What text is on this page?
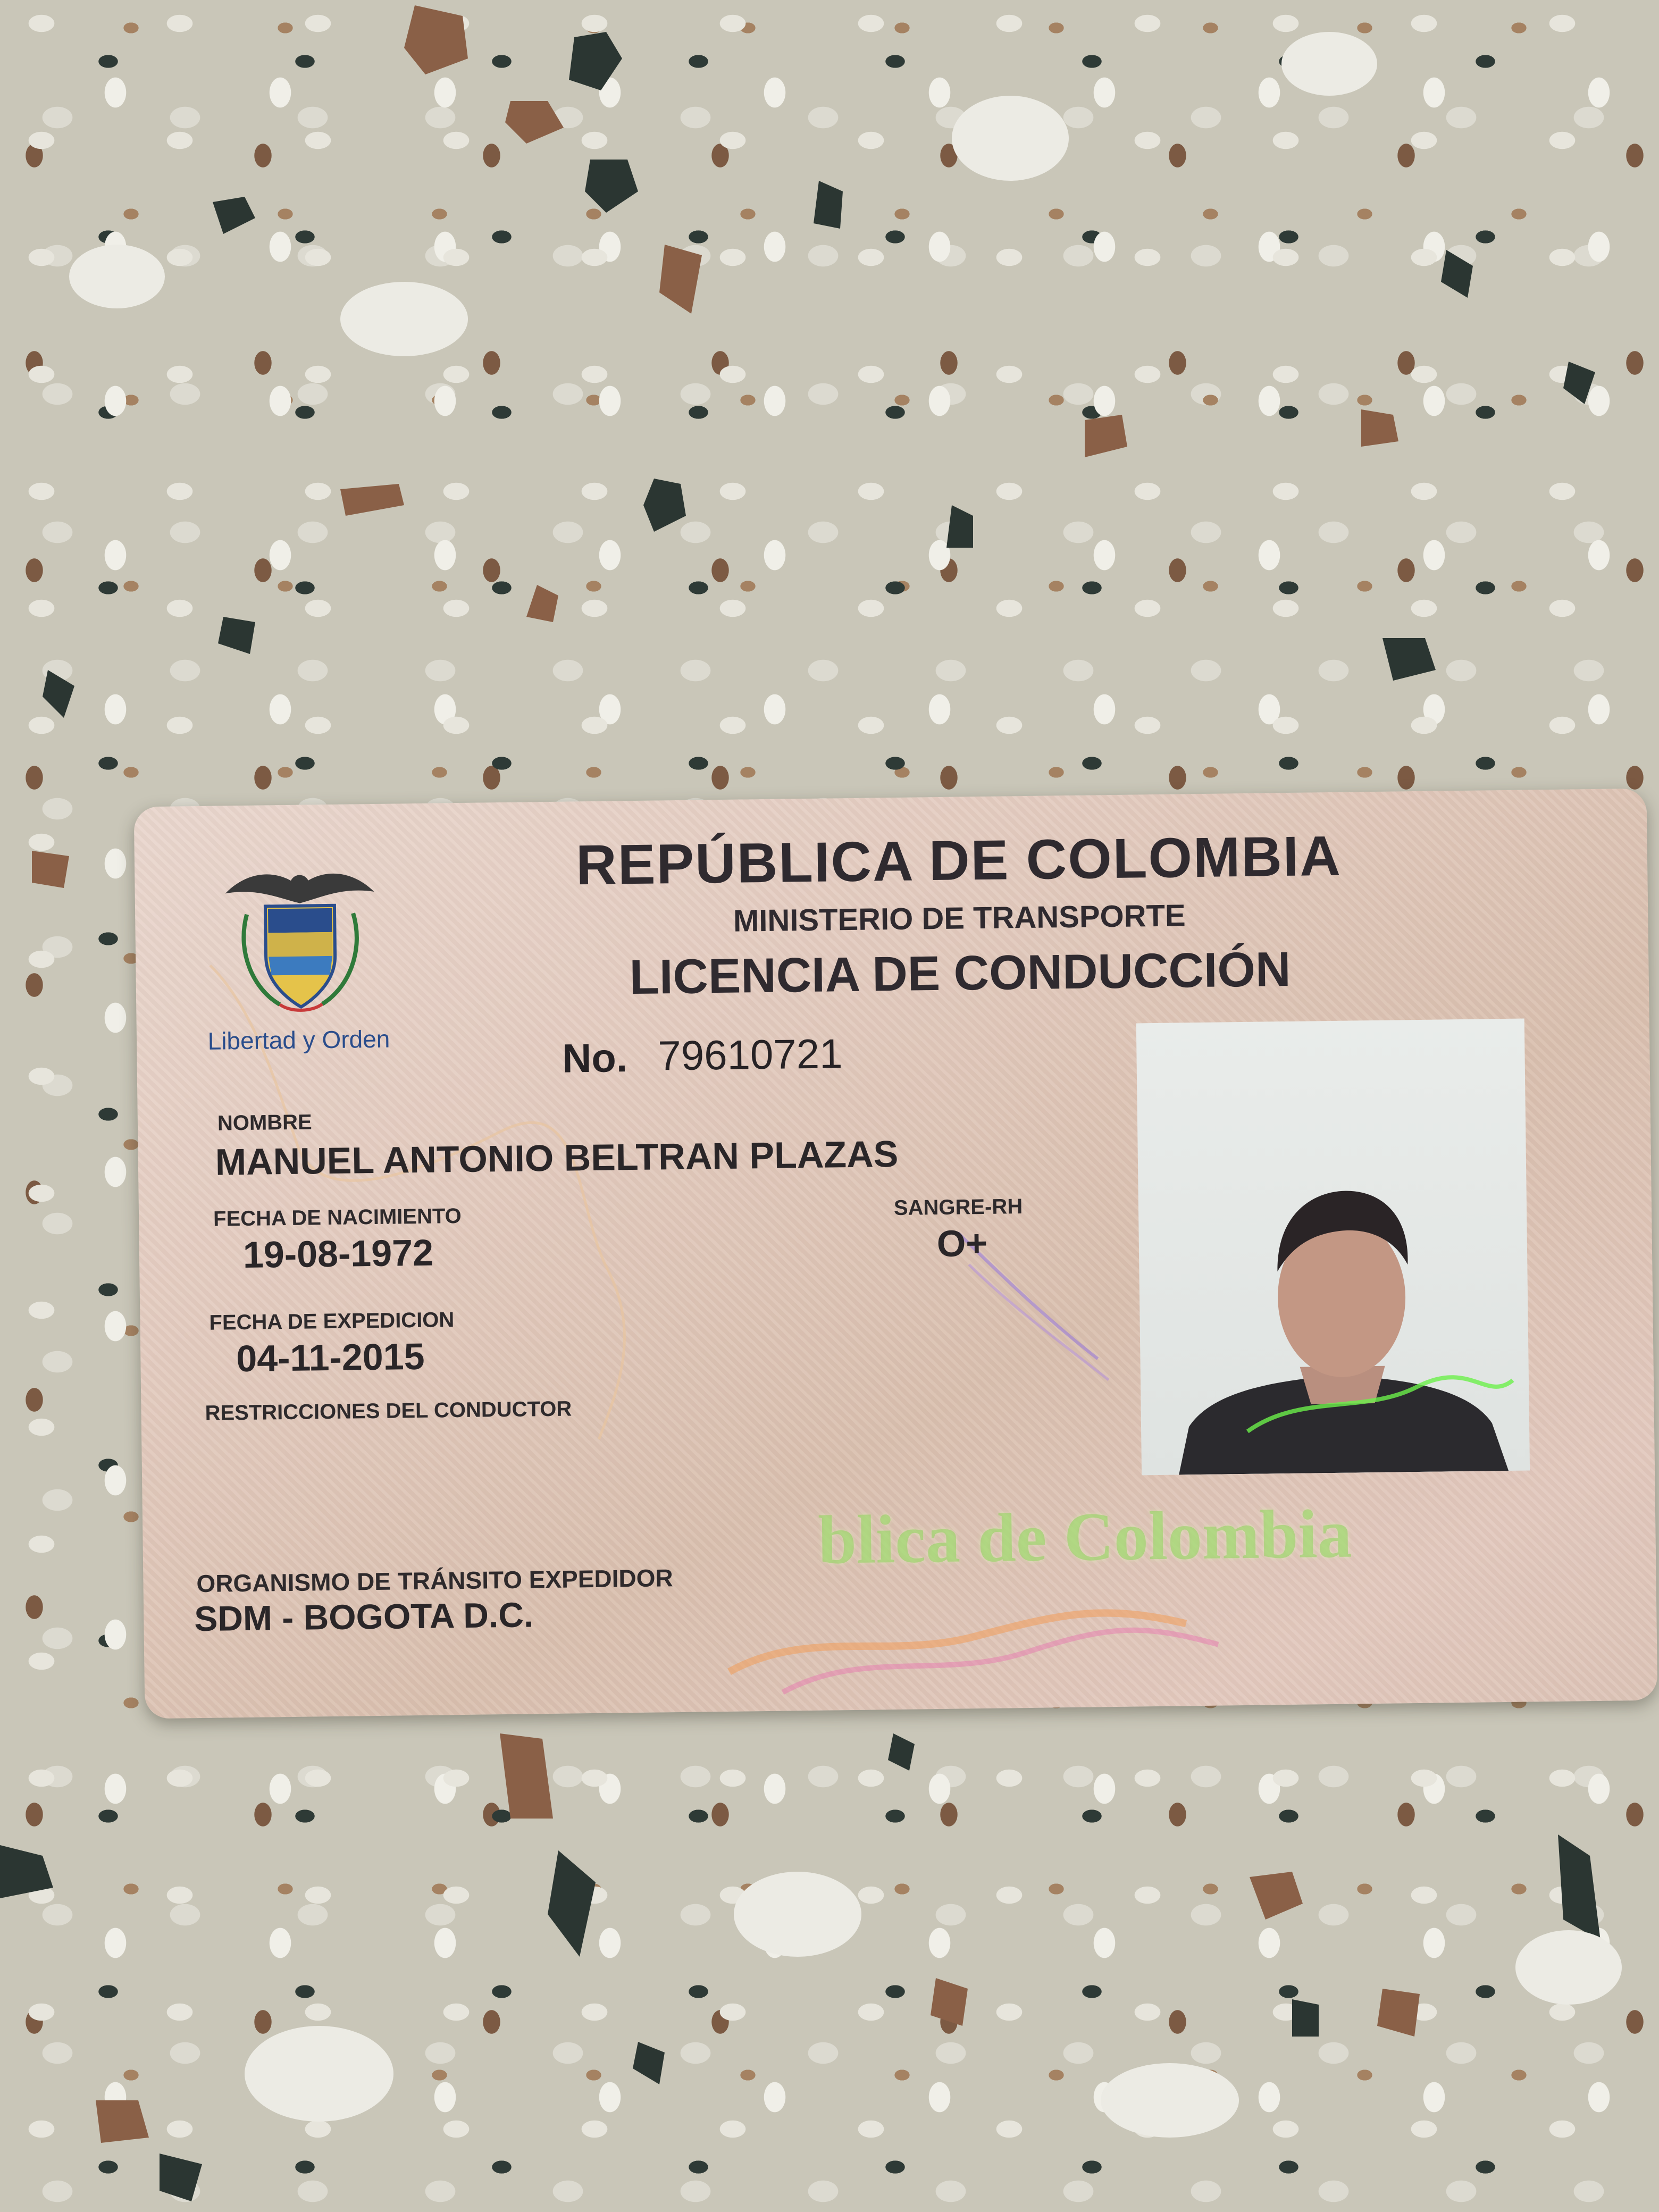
Libertad y Orden

REPÚBLICA DE COLOMBIA

MINISTERIO DE TRANSPORTE

LICENCIA DE CONDUCCIÓN

No. 79610721

NOMBRE

MANUEL ANTONIO BELTRAN PLAZAS

FECHA DE NACIMIENTO

19-08-1972

SANGRE-RH

O+

FECHA DE EXPEDICION

04-11-2015

RESTRICCIONES DEL CONDUCTOR

ORGANISMO DE TRÁNSITO EXPEDIDOR

SDM - BOGOTA D.C.

blica de Colombia
